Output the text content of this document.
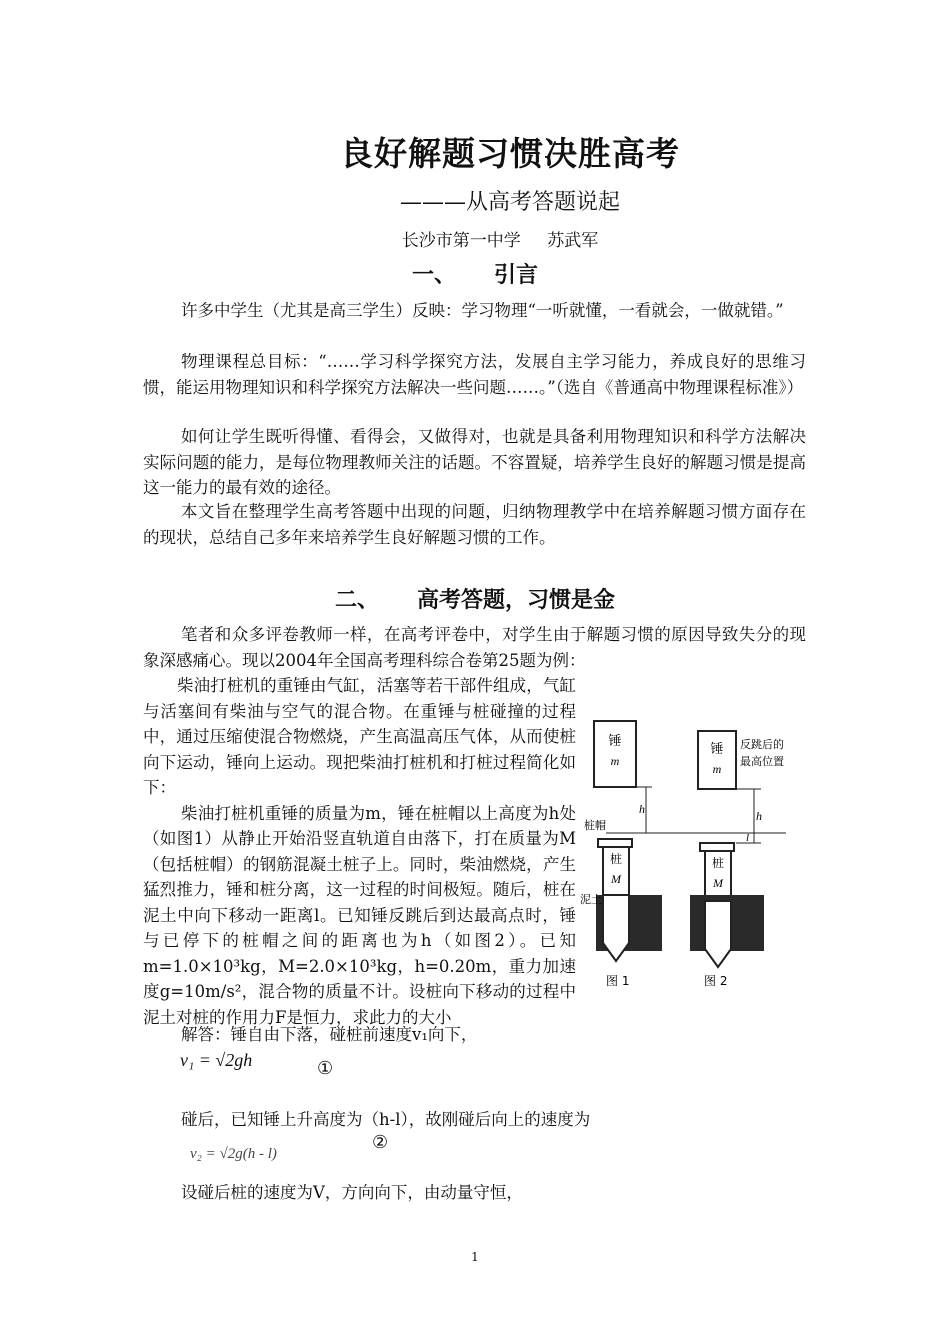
良好解题习惯决胜高考
———从高考答题说起
长沙市第一中学　 苏武军
一、 引言
许多中学生（尤其是高三学生）反映：学习物理“一听就懂，一看就会，一做就错。”
物理课程总目标：“……学习科学探究方法，发展自主学习能力，养成良好的思维习惯，能运用物理知识和科学探究方法解决一些问题……。”（选自《普通高中物理课程标准》）
如何让学生既听得懂、看得会，又做得对，也就是具备利用物理知识和科学方法解决实际问题的能力，是每位物理教师关注的话题。不容置疑，培养学生良好的解题习惯是提高这一能力的最有效的途径。
本文旨在整理学生高考答题中出现的问题，归纳物理教学中在培养解题习惯方面存在的现状，总结自己多年来培养学生良好解题习惯的工作。
二、 高考答题，习惯是金
笔者和众多评卷教师一样，在高考评卷中，对学生由于解题习惯的原因导致失分的现象深感痛心。现以2004年全国高考理科综合卷第25题为例：
锤
m
h
桩帽
桩
M
泥土
锤
m
反跳后的
最高位置
h
l
桩
M
图 1	图 2
柴油打桩机的重锤由气缸，活塞等若干部件组成，气缸与活塞间有柴油与空气的混合物。在重锤与桩碰撞的过程中，通过压缩使混合物燃烧，产生高温高压气体，从而使桩向下运动，锤向上运动。现把柴油打桩机和打桩过程简化如下：
柴油打桩机重锤的质量为m，锤在桩帽以上高度为h处（如图1）从静止开始沿竖直轨道自由落下，打在质量为M（包括桩帽）的钢筋混凝土桩子上。同时，柴油燃烧，产生猛烈推力，锤和桩分离，这一过程的时间极短。随后，桩在泥土中向下移动一距离l。已知锤反跳后到达最高点时，锤与已停下的桩帽之间的距离也为h（如图2）。已知m=1.0×10³kg，M=2.0×10³kg，h=0.20m，重力加速度g=10m/s²，混合物的质量不计。设桩向下移动的过程中泥土对桩的作用力F是恒力，求此力的大小
解答：锤自由下落，碰桩前速度v₁向下，
v₁ = √2gh	①
碰后，已知锤上升高度为（h-l），故刚碰后向上的速度为
v₂ = √2g(h - l)
②
设碰后桩的速度为V，方向向下，由动量守恒，
1
